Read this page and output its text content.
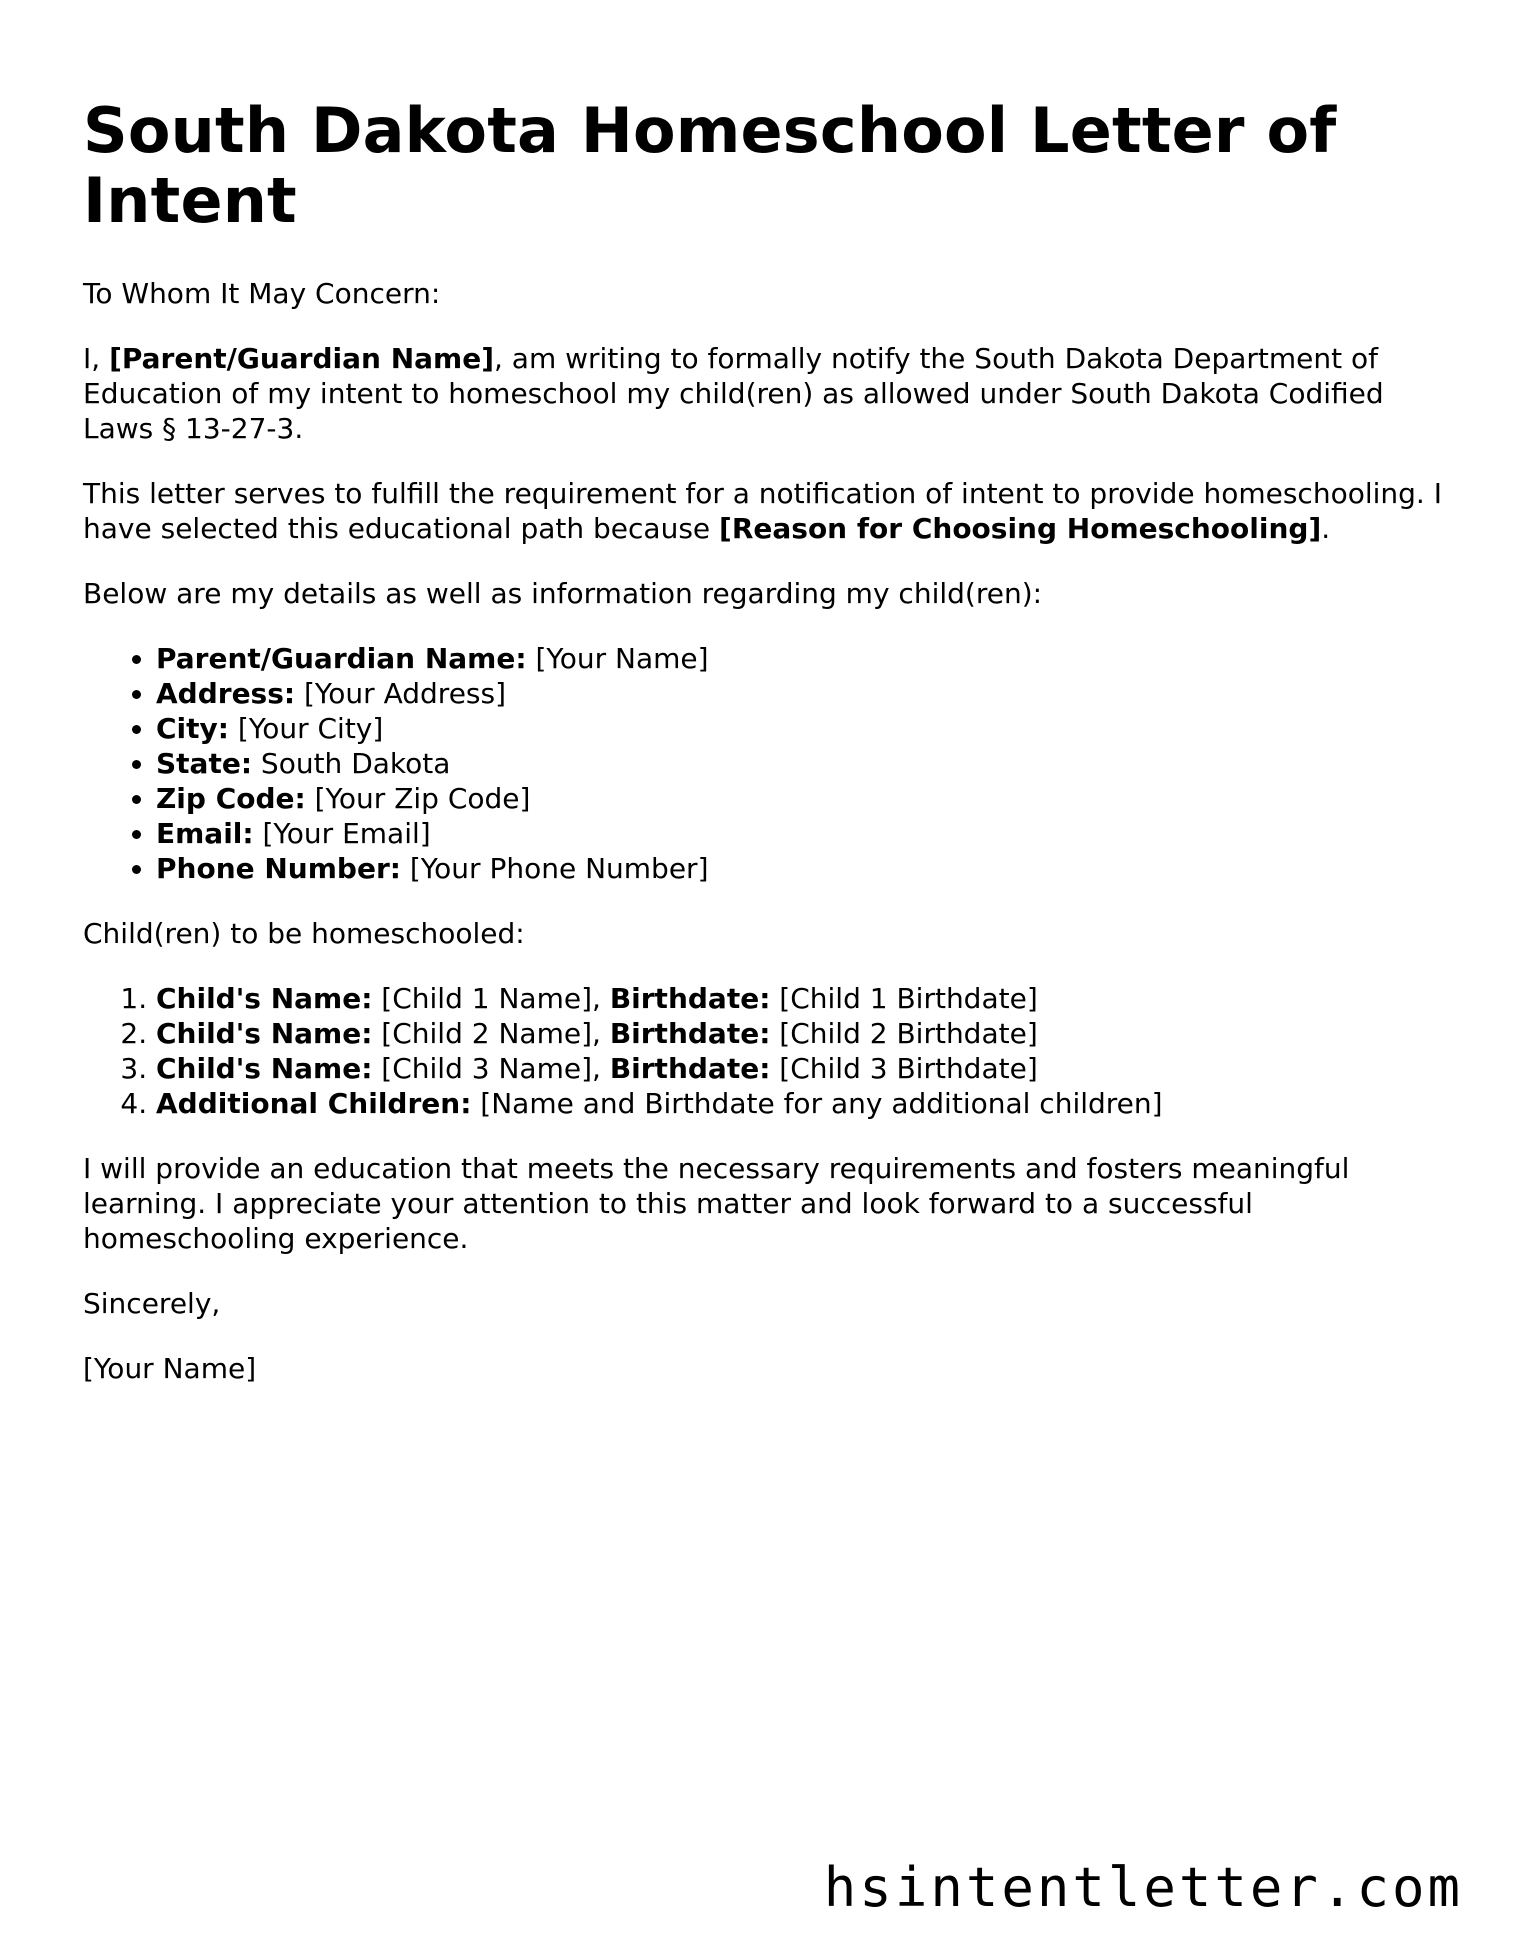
South Dakota Homeschool Letter of Intent

To Whom It May Concern:

I, [Parent/Guardian Name], am writing to formally notify the South Dakota Department of Education of my intent to homeschool my child(ren) as allowed under South Dakota Codified Laws § 13-27-3.

This letter serves to fulfill the requirement for a notification of intent to provide homeschooling. I have selected this educational path because [Reason for Choosing Homeschooling].

Below are my details as well as information regarding my child(ren):

• Parent/Guardian Name: [Your Name]
• Address: [Your Address]
• City: [Your City]
• State: South Dakota
• Zip Code: [Your Zip Code]
• Email: [Your Email]
• Phone Number: [Your Phone Number]

Child(ren) to be homeschooled:

1. Child's Name: [Child 1 Name], Birthdate: [Child 1 Birthdate]
2. Child's Name: [Child 2 Name], Birthdate: [Child 2 Birthdate]
3. Child's Name: [Child 3 Name], Birthdate: [Child 3 Birthdate]
4. Additional Children: [Name and Birthdate for any additional children]

I will provide an education that meets the necessary requirements and fosters meaningful learning. I appreciate your attention to this matter and look forward to a successful homeschooling experience.

Sincerely,

[Your Name]

hsintentletter.com
